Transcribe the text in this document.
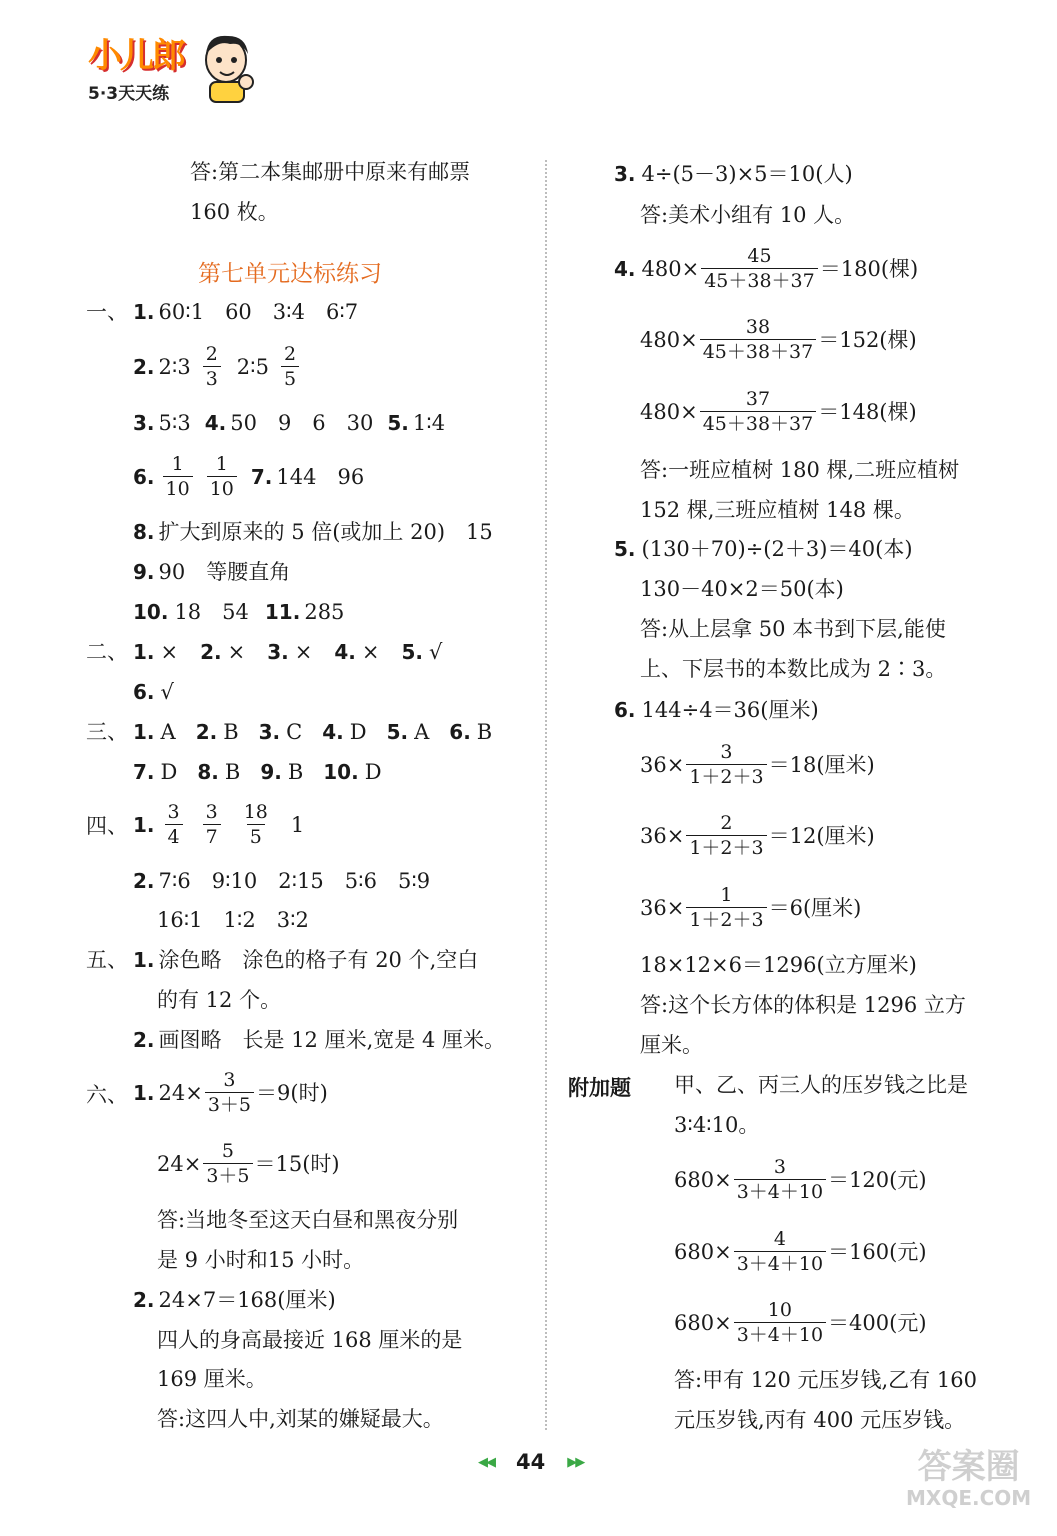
小儿郎
5·3天天练
答:第二本集邮册中原来有邮票
160 枚。
第七单元达标练习
一、 1. 60∶1　60　3∶4　6∶7
2. 2∶3 $\frac{2}{3}$ 2∶5 $\frac{2}{5}$
3. 5∶3 4. 50　9　6　30 5. 1∶4
6. $\frac{1}{10} \frac{1}{10} 7$. 144　96
8. 扩大到原来的 5 倍(或加上 20)　15
9. 90　等腰直角
10. 18　54 11. 285
二、 1. × 2. × 3. × 4. × 5. √
6. √
三、 1. A 2. B 3. C 4. D 5. A 6. B
7. D 8. B 9. B 10. D
四、 1. $\frac{3}{4} \frac{3}{7} \frac{18}{5} 1$
2. 7∶6　9∶10　2∶15　5∶6　5∶9
16∶1　1∶2　3∶2
五、 1. 涂色略　涂色的格子有 20 个,空白
的有 12 个。
2. 画图略　长是 12 厘米,宽是 4 厘米。
六、 1. $24\times \frac{3}{3+5} =9$(时)
$24\times \frac{5}{3+5} =15$(时)
答:当地冬至这天白昼和黑夜分别
是 9 小时和15 小时。
2. 24×7＝168(厘米)
四人的身高最接近 168 厘米的是
169 厘米。
答:这四人中,刘某的嫌疑最大。
3. 4÷(5－3)×5＝10(人)
答:美术小组有 10 人。
4. $480\times \frac{45}{45+38+37} =180$(棵)
$480\times \frac{38}{45+38+37} =152$(棵)
$480\times \frac{37}{45+38+37} =148$(棵)
答:一班应植树 180 棵,二班应植树
152 棵,三班应植树 148 棵。
5. (130＋70)÷(2＋3)＝40(本)
130－40×2＝50(本)
答:从上层拿 50 本书到下层,能使
上、下层书的本数比成为 2∶3。
6. 144÷4＝36(厘米)
$36\times \frac{3}{1+2+3} =18$(厘米)
$36\times \frac{2}{1+2+3} =12$(厘米)
$36\times \frac{1}{1+2+3} =6$(厘米)
18×12×6＝1296(立方厘米)
答:这个长方体的体积是 1296 立方
厘米。
附加题 甲、乙、丙三人的压岁钱之比是
3∶4∶10。
$680\times \frac{3}{3+4+10} =120$(元)
$680\times \frac{4}{3+4+10} =160$(元)
$680\times \frac{10}{3+4+10} =400$(元)
答:甲有 120 元压岁钱,乙有 160
元压岁钱,丙有 400 元压岁钱。
◀◀ 44 ▶▶	答案圈
MXQE.COM
